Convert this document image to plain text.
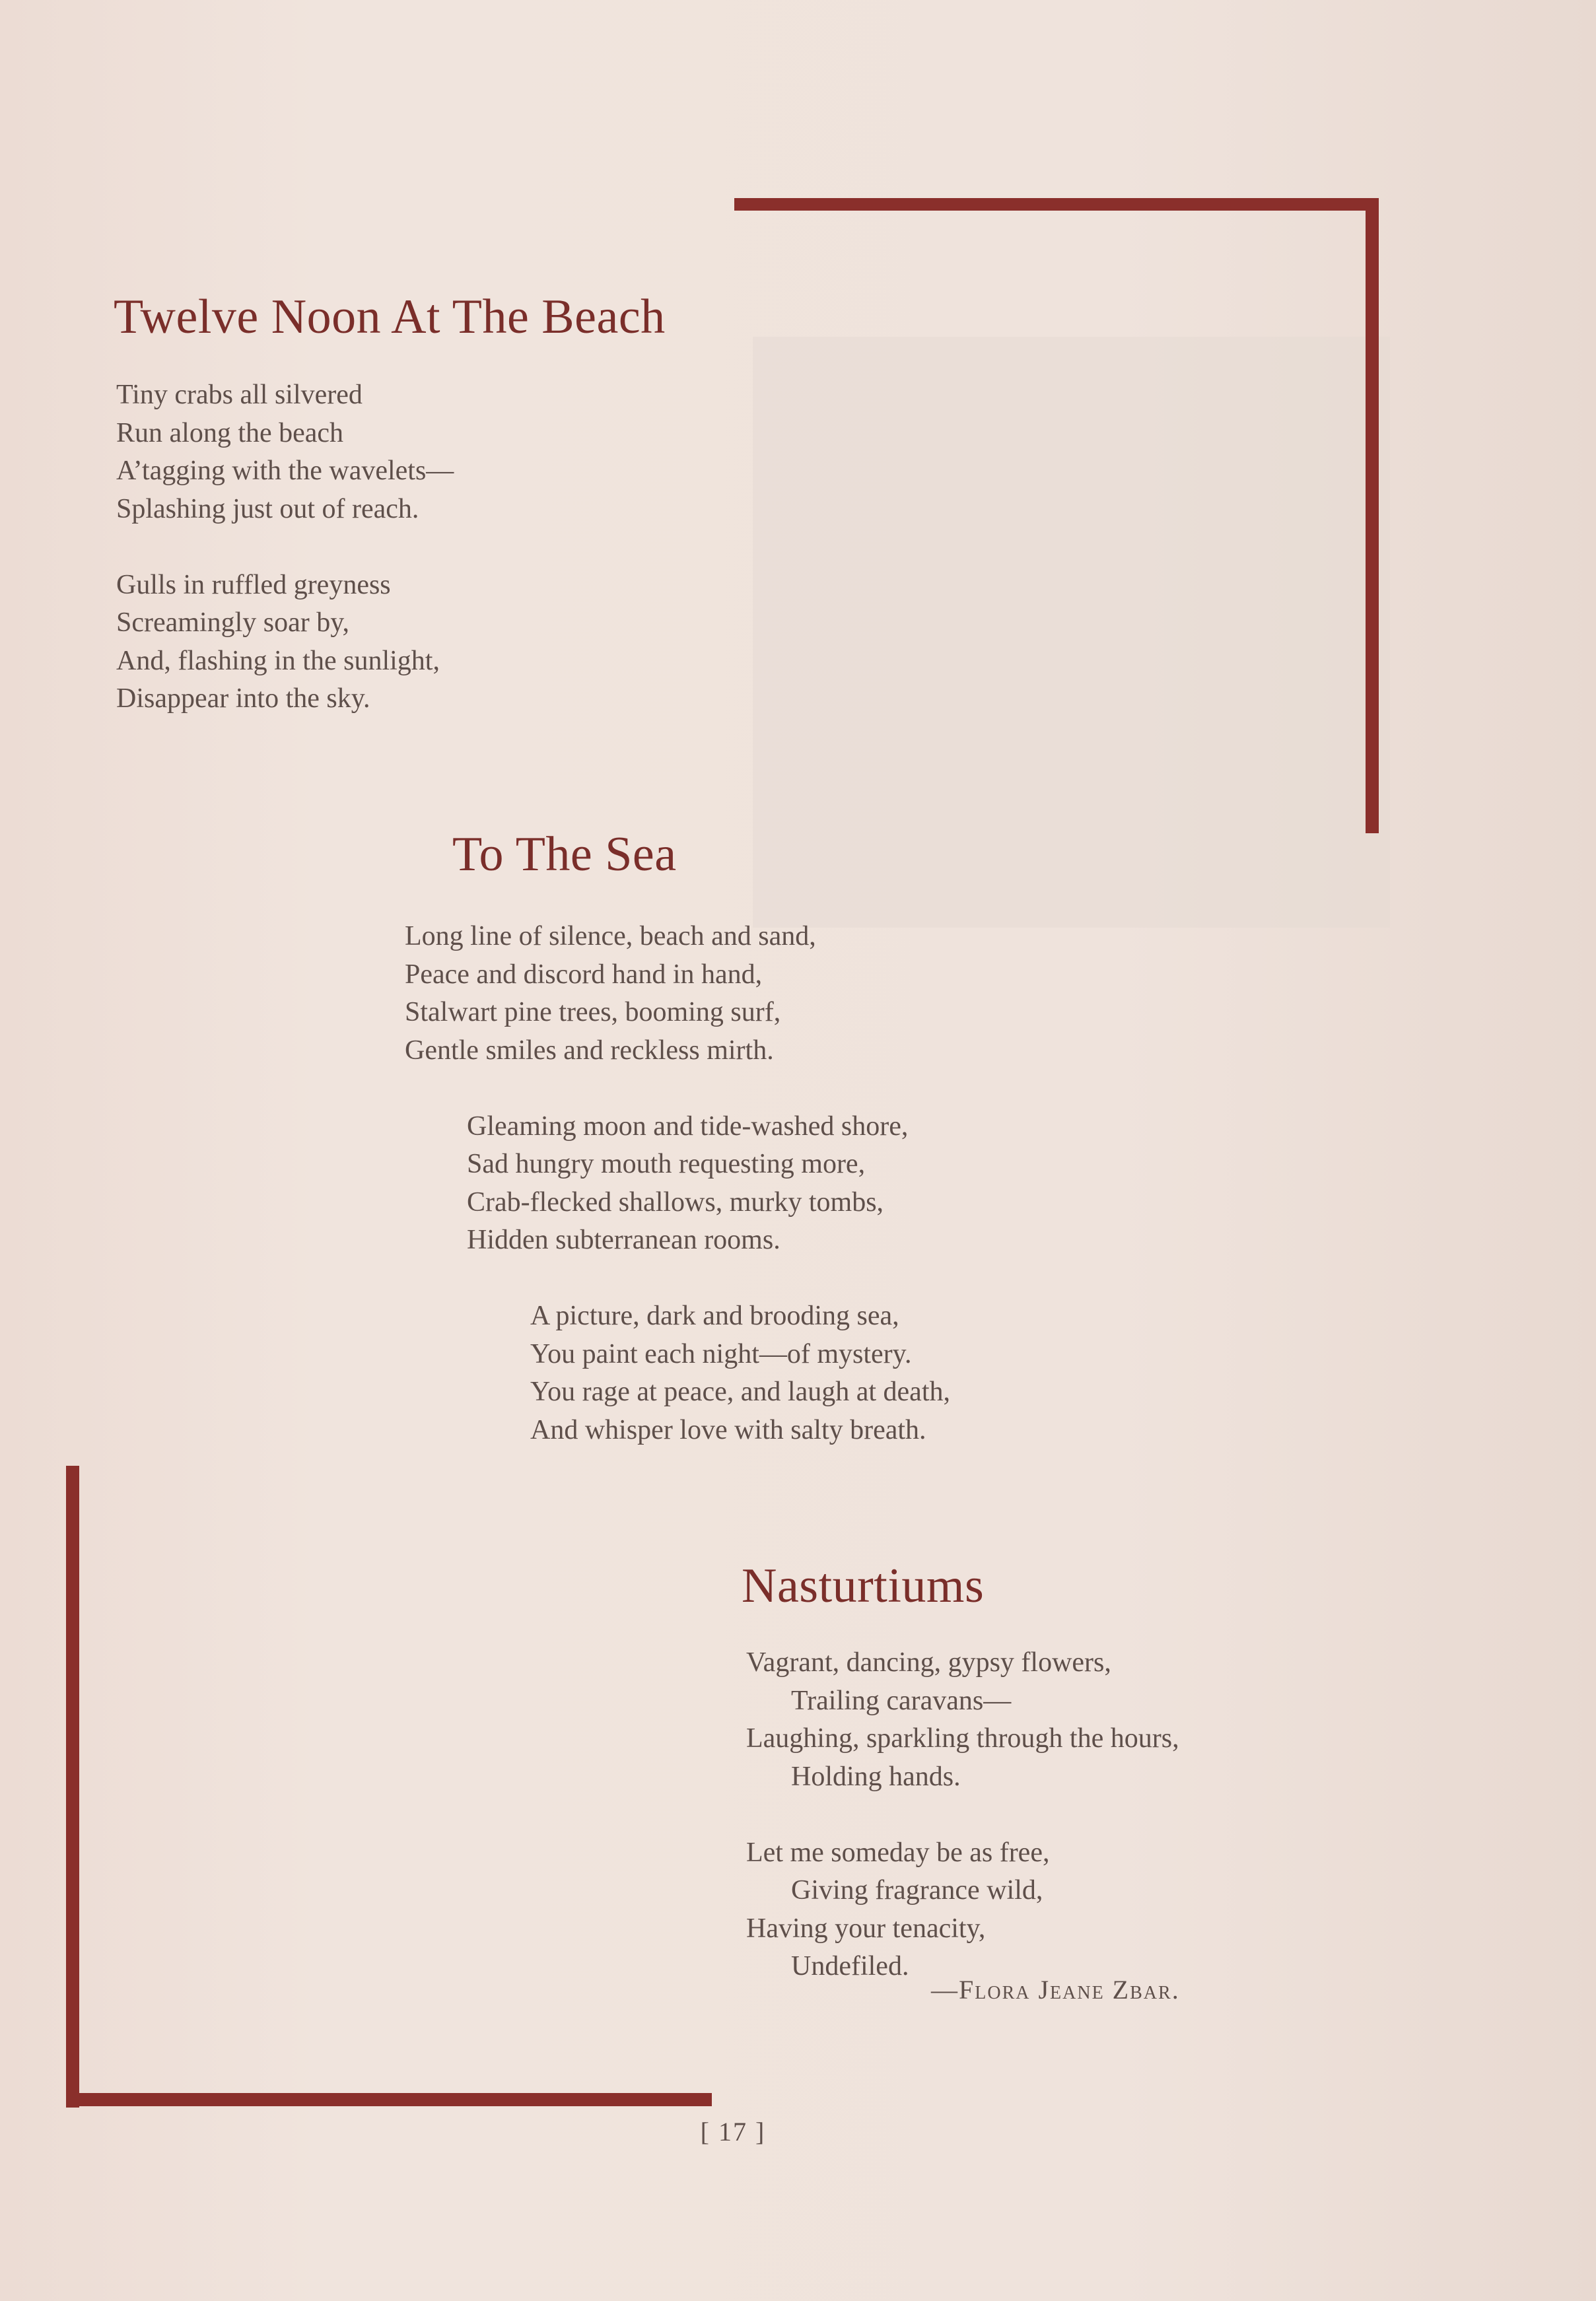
Twelve Noon At The Beach
Tiny crabs all silvered
Run along the beach
A’tagging with the wavelets—
Splashing just out of reach.
Gulls in ruffled greyness
Screamingly soar by,
And, flashing in the sunlight,
Disappear into the sky.
To The Sea
Long line of silence, beach and sand,
Peace and discord hand in hand,
Stalwart pine trees, booming surf,
Gentle smiles and reckless mirth.
Gleaming moon and tide-washed shore,
Sad hungry mouth requesting more,
Crab-flecked shallows, murky tombs,
Hidden subterranean rooms.
A picture, dark and brooding sea,
You paint each night—of mystery.
You rage at peace, and laugh at death,
And whisper love with salty breath.
Nasturtiums
Vagrant, dancing, gypsy flowers,
Trailing caravans—
Laughing, sparkling through the hours,
Holding hands.
Let me someday be as free,
Giving fragrance wild,
Having your tenacity,
Undefiled.
—Flora Jeane Zbar.
[ 17 ]
